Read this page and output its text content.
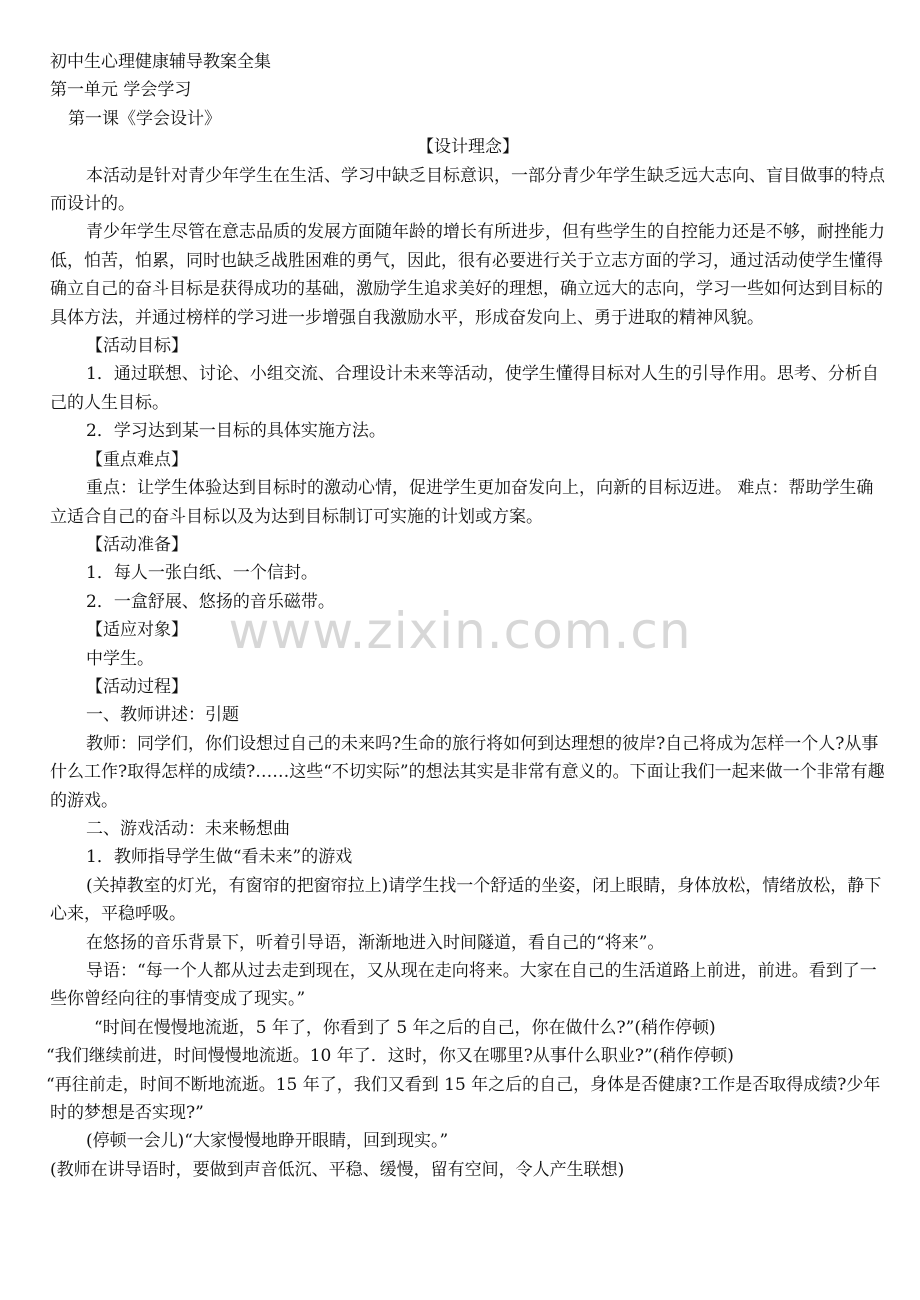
初中生心理健康辅导教案全集

第一单元 学会学习

第一课《学会设计》

【设计理念】

本活动是针对青少年学生在生活、学习中缺乏目标意识，一部分青少年学生缺乏远大志向、盲目做事的特点而设计的。

青少年学生尽管在意志品质的发展方面随年龄的增长有所进步，但有些学生的自控能力还是不够，耐挫能力低，怕苦，怕累，同时也缺乏战胜困难的勇气，因此，很有必要进行关于立志方面的学习，通过活动使学生懂得确立自己的奋斗目标是获得成功的基础，激励学生追求美好的理想，确立远大的志向，学习一些如何达到目标的具体方法，并通过榜样的学习进一步增强自我激励水平，形成奋发向上、勇于进取的精神风貌。

【活动目标】

1．通过联想、讨论、小组交流、合理设计未来等活动，使学生懂得目标对人生的引导作用。思考、分析自己的人生目标。

2．学习达到某一目标的具体实施方法。

【重点难点】

重点：让学生体验达到目标时的激动心情，促进学生更加奋发向上，向新的目标迈进。 难点：帮助学生确立适合自己的奋斗目标以及为达到目标制订可实施的计划或方案。

【活动准备】

1．每人一张白纸、一个信封。

2．一盒舒展、悠扬的音乐磁带。

【适应对象】

中学生。

【活动过程】

一、教师讲述：引题

教师：同学们，你们设想过自己的未来吗?生命的旅行将如何到达理想的彼岸?自己将成为怎样一个人?从事什么工作?取得怎样的成绩?……这些“不切实际”的想法其实是非常有意义的。下面让我们一起来做一个非常有趣的游戏。

二、游戏活动：未来畅想曲

1．教师指导学生做“看未来”的游戏

(关掉教室的灯光，有窗帘的把窗帘拉上)请学生找一个舒适的坐姿，闭上眼睛，身体放松，情绪放松，静下心来，平稳呼吸。

在悠扬的音乐背景下，听着引导语，渐渐地进入时间隧道，看自己的“将来”。

导语：“每一个人都从过去走到现在，又从现在走向将来。大家在自己的生活道路上前进，前进。看到了一些你曾经向往的事情变成了现实。”

“时间在慢慢地流逝，5 年了，你看到了 5 年之后的自己，你在做什么?”(稍作停顿)

“我们继续前进，时间慢慢地流逝。10 年了．这时，你又在哪里?从事什么职业?”(稍作停顿)

“再往前走，时间不断地流逝。15 年了，我们又看到 15 年之后的自己，身体是否健康?工作是否取得成绩?少年时的梦想是否实现?”

(停顿一会儿)“大家慢慢地睁开眼睛，回到现实。”

(教师在讲导语时，要做到声音低沉、平稳、缓慢，留有空间，令人产生联想)

www.zixin.com.cn
